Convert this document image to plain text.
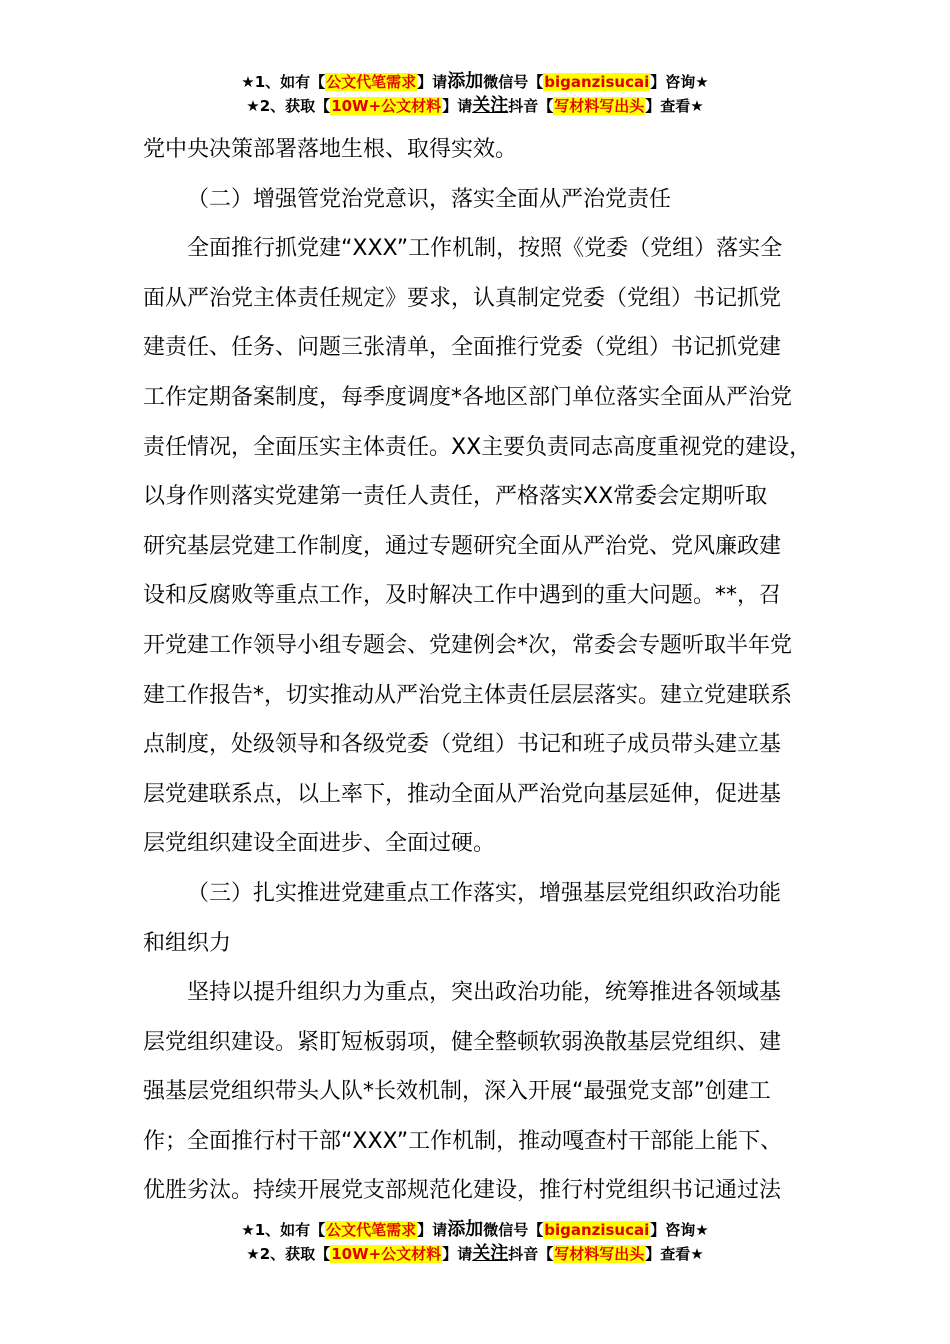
★1、如有【公文代笔需求】请添加微信号【biganzisucai】咨询★
★2、获取【10W+公文材料】请关注抖音【写材料写出头】查看★
党中央决策部署落地生根、取得实效。
（二）增强管党治党意识，落实全面从严治党责任
全面推行抓党建“XXX”工作机制，按照《党委（党组）落实全
面从严治党主体责任规定》要求，认真制定党委（党组）书记抓党
建责任、任务、问题三张清单，全面推行党委（党组）书记抓党建
工作定期备案制度，每季度调度*各地区部门单位落实全面从严治党
责任情况，全面压实主体责任。XX主要负责同志高度重视党的建设，
以身作则落实党建第一责任人责任，严格落实XX常委会定期听取
研究基层党建工作制度，通过专题研究全面从严治党、党风廉政建
设和反腐败等重点工作，及时解决工作中遇到的重大问题。**，召
开党建工作领导小组专题会、党建例会*次，常委会专题听取半年党
建工作报告*，切实推动从严治党主体责任层层落实。建立党建联系
点制度，处级领导和各级党委（党组）书记和班子成员带头建立基
层党建联系点，以上率下，推动全面从严治党向基层延伸，促进基
层党组织建设全面进步、全面过硬。
（三）扎实推进党建重点工作落实，增强基层党组织政治功能
和组织力
坚持以提升组织力为重点，突出政治功能，统筹推进各领域基
层党组织建设。紧盯短板弱项，健全整顿软弱涣散基层党组织、建
强基层党组织带头人队*长效机制，深入开展“最强党支部”创建工
作；全面推行村干部“XXX”工作机制，推动嘎查村干部能上能下、
优胜劣汰。持续开展党支部规范化建设，推行村党组织书记通过法
★1、如有【公文代笔需求】请添加微信号【biganzisucai】咨询★
★2、获取【10W+公文材料】请关注抖音【写材料写出头】查看★
